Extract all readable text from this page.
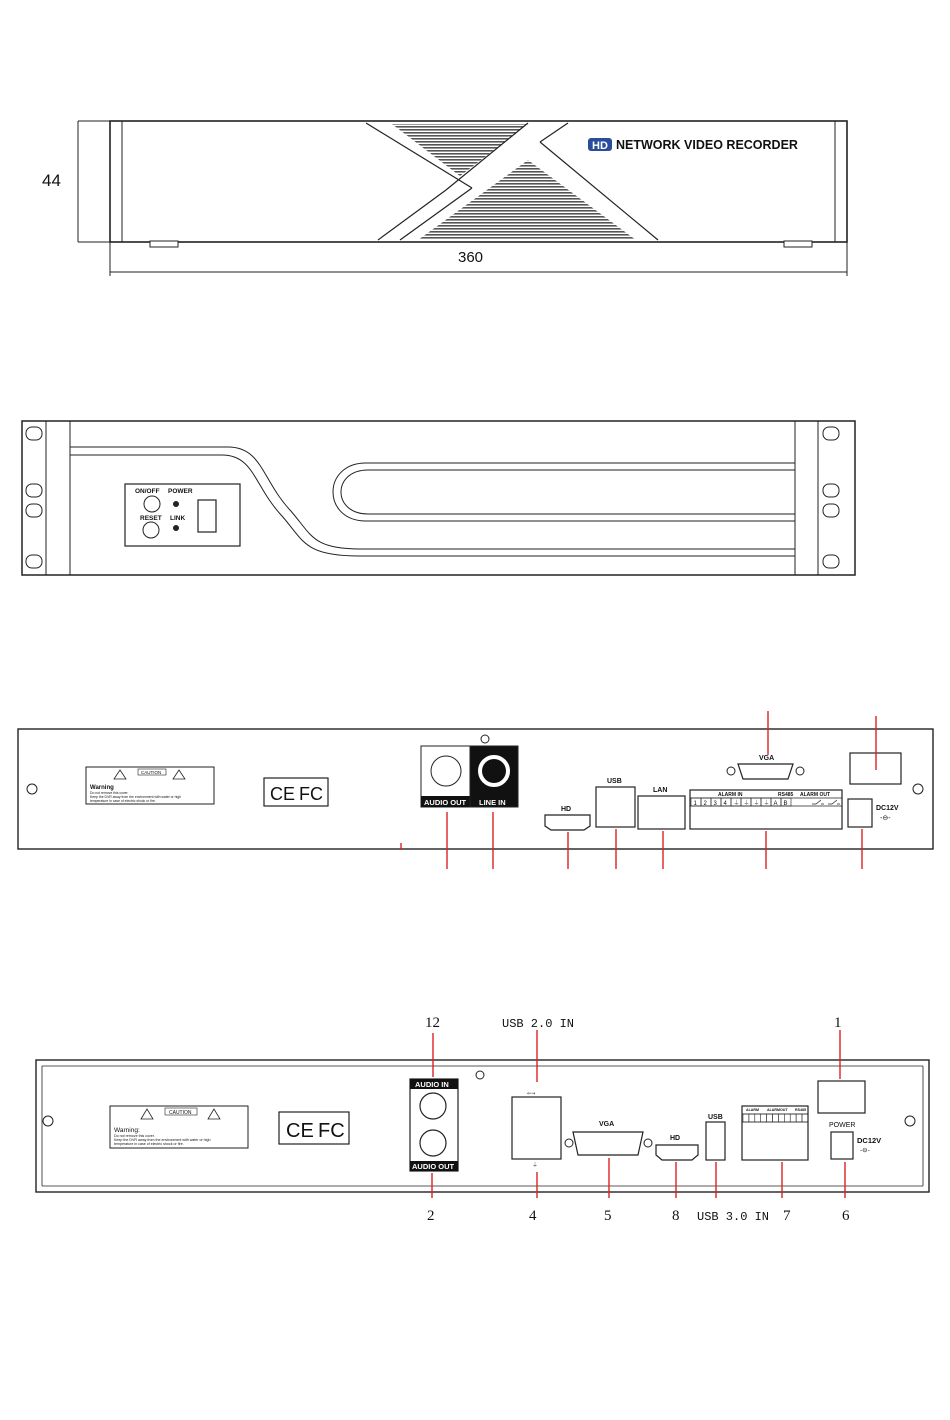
44
HD NETWORK VIDEO RECORDER
360
ON/OFF POWER
RESET LINK
CAUTION
Warning
Do not remove this cover.
Keep the DVR away from the environment with water or high
temperature in case of electric shock or fire.	CE FC	AUDIO OUT LINE IN
HD
USB
LAN
VGA
ALARM IN	RS485 ALARM OUT
1 2 3 4 ⏚ ⏚ ⏚ ⏚ A B
DC12V
-⊖-
CAUTION
Warning:
Do not remove this cover.
Keep the DVR away from the environment with water or high
temperature in case of electric shock or fire.
CE FC
AUDIO IN
AUDIO OUT
⇐⇒
⏚
VGA
HD
USB
ALARM ALARMOUT RS485
POWER
DC12V
-⊖-
12	USB 2.0 IN	1
2	4	5	8 USB 3.0 IN 7	6
